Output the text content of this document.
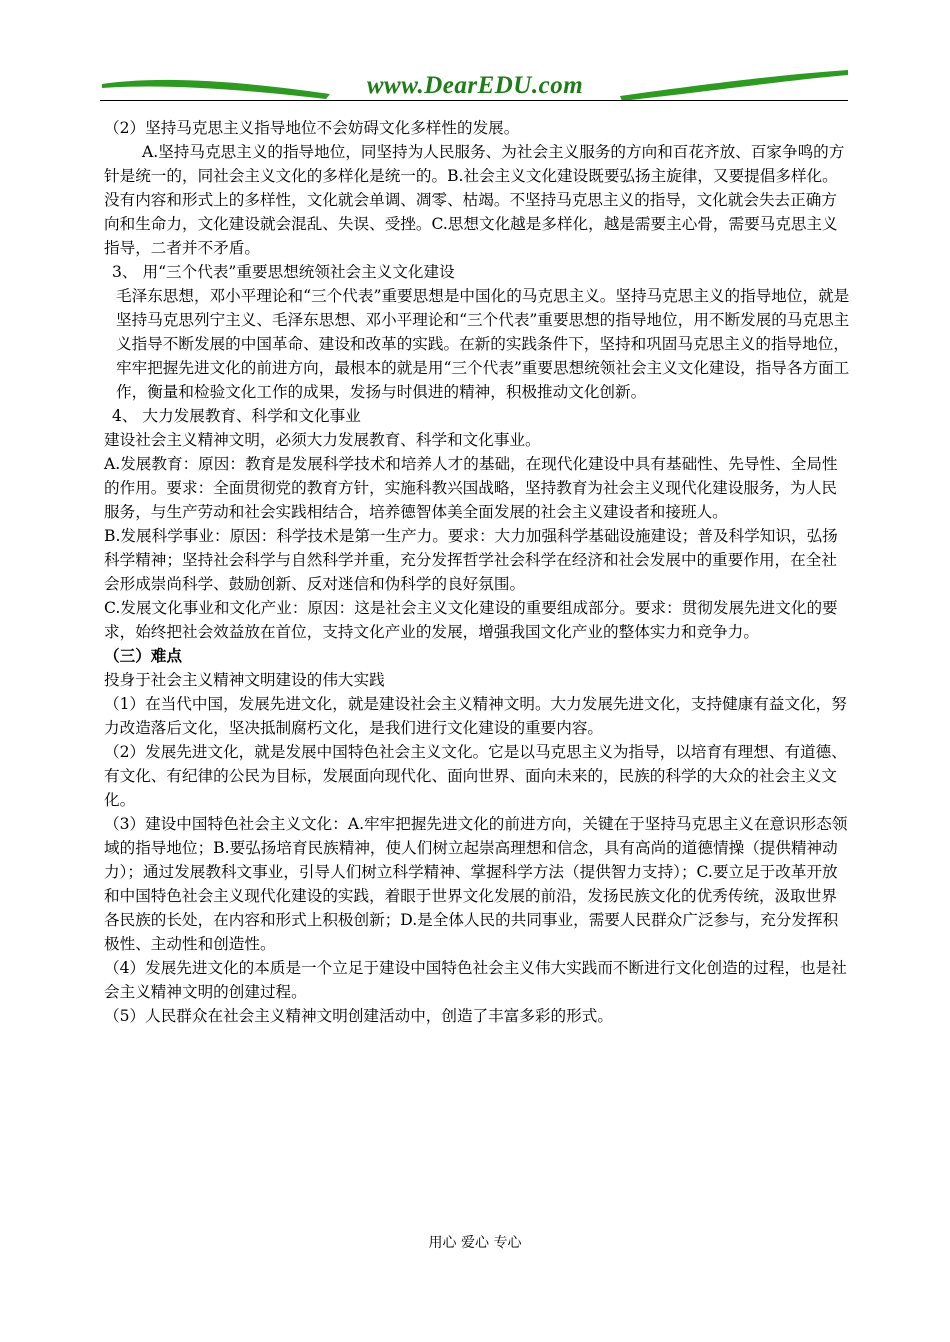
www.DearEDU.com

（2）坚持马克思主义指导地位不会妨碍文化多样性的发展。

A.坚持马克思主义的指导地位，同坚持为人民服务、为社会主义服务的方向和百花齐放、百家争鸣的方针是统一的，同社会主义文化的多样化是统一的。B.社会主义文化建设既要弘扬主旋律，又要提倡多样化。没有内容和形式上的多样性，文化就会单调、凋零、枯竭。不坚持马克思主义的指导，文化就会失去正确方向和生命力，文化建设就会混乱、失误、受挫。C.思想文化越是多样化，越是需要主心骨，需要马克思主义指导，二者并不矛盾。

3、 用“三个代表”重要思想统领社会主义文化建设

毛泽东思想，邓小平理论和“三个代表”重要思想是中国化的马克思主义。坚持马克思主义的指导地位，就是坚持马克思列宁主义、毛泽东思想、邓小平理论和“三个代表”重要思想的指导地位，用不断发展的马克思主义指导不断发展的中国革命、建设和改革的实践。在新的实践条件下，坚持和巩固马克思主义的指导地位，牢牢把握先进文化的前进方向，最根本的就是用“三个代表”重要思想统领社会主义文化建设，指导各方面工作，衡量和检验文化工作的成果，发扬与时俱进的精神，积极推动文化创新。

4、 大力发展教育、科学和文化事业

建设社会主义精神文明，必须大力发展教育、科学和文化事业。

A.发展教育：原因：教育是发展科学技术和培养人才的基础，在现代化建设中具有基础性、先导性、全局性的作用。要求：全面贯彻党的教育方针，实施科教兴国战略，坚持教育为社会主义现代化建设服务，为人民服务，与生产劳动和社会实践相结合，培养德智体美全面发展的社会主义建设者和接班人。

B.发展科学事业：原因：科学技术是第一生产力。要求：大力加强科学基础设施建设；普及科学知识，弘扬科学精神；坚持社会科学与自然科学并重，充分发挥哲学社会科学在经济和社会发展中的重要作用，在全社会形成崇尚科学、鼓励创新、反对迷信和伪科学的良好氛围。

C.发展文化事业和文化产业：原因：这是社会主义文化建设的重要组成部分。要求：贯彻发展先进文化的要求，始终把社会效益放在首位，支持文化产业的发展，增强我国文化产业的整体实力和竞争力。

（三）难点

投身于社会主义精神文明建设的伟大实践

（1）在当代中国，发展先进文化，就是建设社会主义精神文明。大力发展先进文化，支持健康有益文化，努力改造落后文化，坚决抵制腐朽文化，是我们进行文化建设的重要内容。

（2）发展先进文化，就是发展中国特色社会主义文化。它是以马克思主义为指导，以培育有理想、有道德、有文化、有纪律的公民为目标，发展面向现代化、面向世界、面向未来的，民族的科学的大众的社会主义文化。

（3）建设中国特色社会主义文化：A.牢牢把握先进文化的前进方向，关键在于坚持马克思主义在意识形态领域的指导地位；B.要弘扬培育民族精神，使人们树立起崇高理想和信念，具有高尚的道德情操（提供精神动力）；通过发展教科文事业，引导人们树立科学精神、掌握科学方法（提供智力支持）；C.要立足于改革开放和中国特色社会主义现代化建设的实践，着眼于世界文化发展的前沿，发扬民族文化的优秀传统，汲取世界各民族的长处，在内容和形式上积极创新；D.是全体人民的共同事业，需要人民群众广泛参与，充分发挥积极性、主动性和创造性。

（4）发展先进文化的本质是一个立足于建设中国特色社会主义伟大实践而不断进行文化创造的过程，也是社会主义精神文明的创建过程。

（5）人民群众在社会主义精神文明创建活动中，创造了丰富多彩的形式。

用心 爱心 专心
